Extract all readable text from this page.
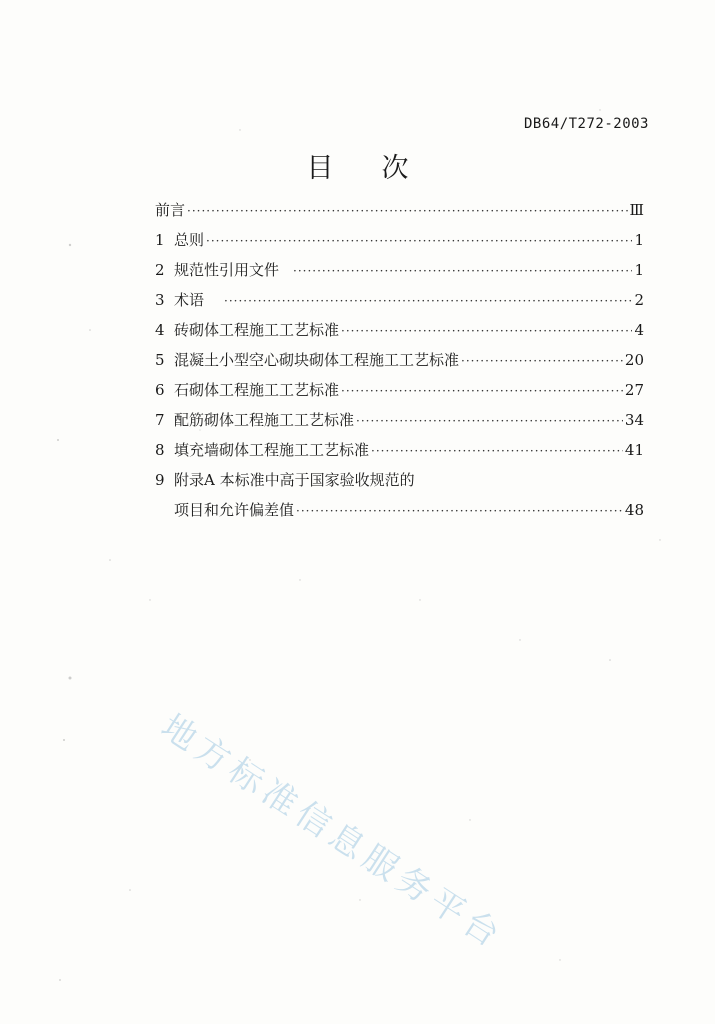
DB64/T272-2003
目 次
前言 ·····	Ⅲ
1 总则 ·····	1
2 规范性引用文件 ·····	1
3 术语 ·····	2
4 砖砌体工程施工工艺标准 ·····	4
5 混凝土小型空心砌块砌体工程施工工艺标准 ·····	20
6 石砌体工程施工工艺标准 ·····	27
7 配筋砌体工程施工工艺标准 ·····	34
8 填充墙砌体工程施工工艺标准 ·····	41
9 附录A 本标准中高于国家验收规范的
项目和允许偏差值 ·····	48
地方标准信息服务平台
